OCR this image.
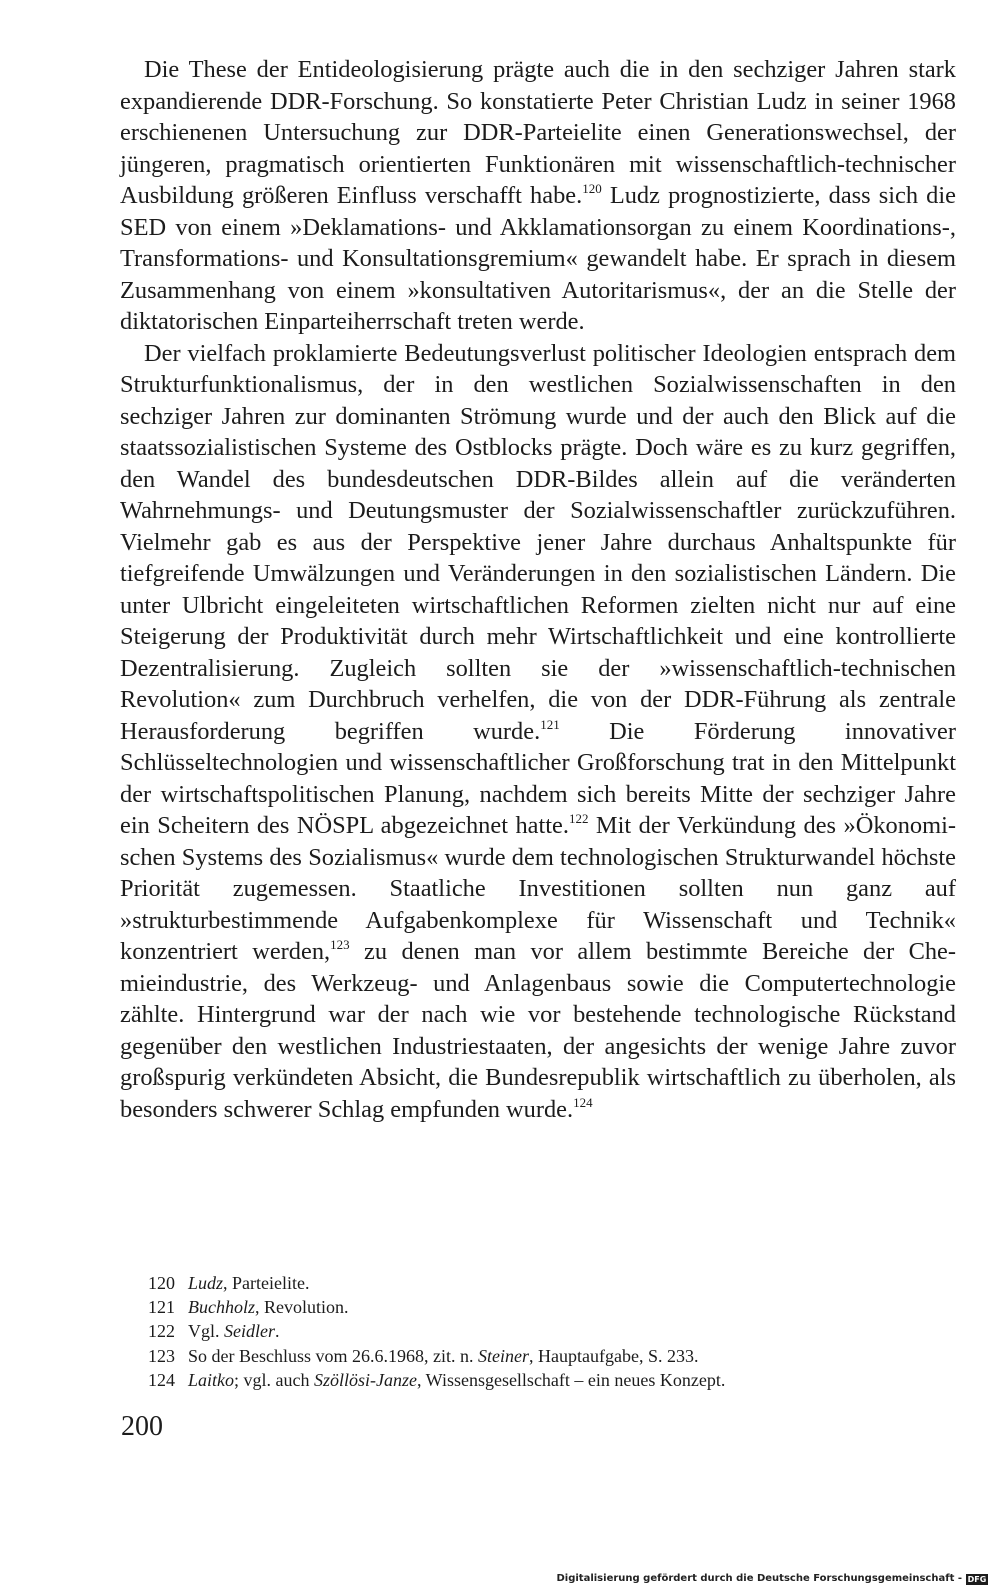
Die These der Entideologisierung prägte auch die in den sechziger Jahren stark expandierende DDR-Forschung. So konstatierte Peter Christian Ludz in seiner 1968 erschienenen Untersuchung zur DDR-Parteielite einen Generationswechsel, der jüngeren, pragmatisch orientierten Funktionären mit wissenschaftlich-technischer Ausbildung größeren Einfluss verschafft habe.$^{120}$ Ludz prognostizierte, dass sich die SED von einem »Deklamations- und Akklamationsorgan zu einem Koordinations-, Transformations- und Konsultationsgremium« gewandelt habe. Er sprach in diesem Zusammenhang von einem »konsultativen Autoritarismus«, der an die Stelle der diktatorischen Einparteiherrschaft treten werde.

Der vielfach proklamierte Bedeutungsverlust politischer Ideologien entsprach dem Strukturfunktionalismus, der in den westlichen Sozialwissenschaften in den sechziger Jahren zur dominanten Strömung wurde und der auch den Blick auf die staatssozialistischen Systeme des Ostblocks prägte. Doch wäre es zu kurz gegriffen, den Wandel des bundesdeutschen DDR-Bildes allein auf die veränderten Wahrnehmungs- und Deutungsmuster der Sozialwissenschaftler zurückzuführen. Vielmehr gab es aus der Perspektive jener Jahre durchaus Anhaltspunkte für tiefgreifende Umwälzungen und Veränderungen in den sozialistischen Ländern. Die unter Ulbricht eingeleiteten wirtschaftlichen Reformen zielten nicht nur auf eine Steigerung der Produktivität durch mehr Wirtschaftlichkeit und eine kontrollierte Dezentralisierung. Zugleich sollten sie der »wissenschaftlich-technischen Revolution« zum Durchbruch verhelfen, die von der DDR-Führung als zentrale Herausforderung begriffen wurde.$^{121}$ Die Förderung innovativer Schlüsseltechnologien und wissenschaftlicher Großforschung trat in den Mittelpunkt der wirtschaftspolitischen Planung, nachdem sich bereits Mitte der sechziger Jahre ein Scheitern des NÖSPL abgezeichnet hatte.$^{122}$ Mit der Verkündung des »Ökonomischen Systems des Sozialismus« wurde dem technologischen Strukturwandel höchste Priorität zugemessen. Staatliche Investitionen sollten nun ganz auf »strukturbestimmende Aufgabenkomplexe für Wissenschaft und Technik« konzentriert werden,$^{123}$ zu denen man vor allem bestimmte Bereiche der Chemieindustrie, des Werkzeug- und Anlagenbaus sowie die Computertechnologie zählte. Hintergrund war der nach wie vor bestehende technologische Rückstand gegenüber den westlichen Industriestaaten, der angesichts der wenige Jahre zuvor großspurig verkündeten Absicht, die Bundesrepublik wirtschaftlich zu überholen, als besonders schwerer Schlag empfunden wurde.$^{124}$

120 Ludz, Parteielite.
121 Buchholz, Revolution.
122 Vgl. Seidler.
123 So der Beschluss vom 26.6.1968, zit. n. Steiner, Hauptaufgabe, S. 233.
124 Laitko; vgl. auch Szöllösi-Janze, Wissensgesellschaft – ein neues Konzept.
200
Digitalisierung gefördert durch die Deutsche Forschungsgemeinschaft - DFG
